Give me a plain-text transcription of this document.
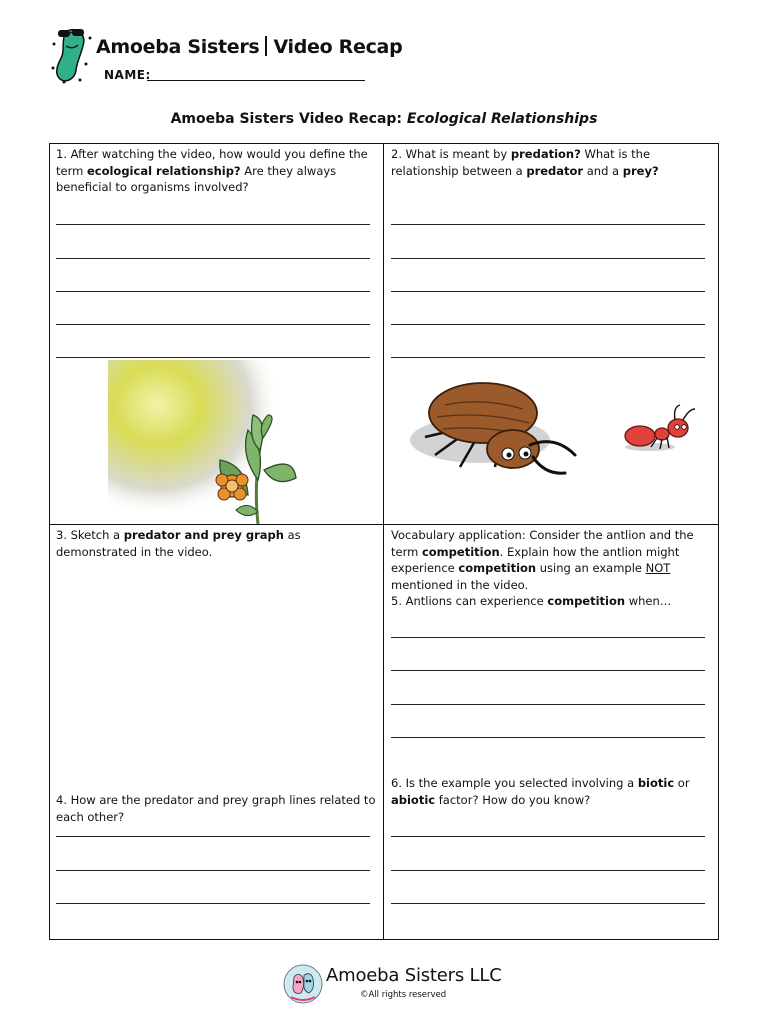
Amoeba Sisters Video Recap
NAME:
Amoeba Sisters Video Recap: Ecological Relationships
1. After watching the video, how would you define the term ecological relationship? Are they always beneficial to organisms involved?
2. What is meant by predation? What is the relationship between a predator and a prey?
3. Sketch a predator and prey graph as demonstrated in the video.
4. How are the predator and prey graph lines related to each other?
Vocabulary application: Consider the antlion and the term competition. Explain how the antlion might experience competition using an example NOT mentioned in the video.
5. Antlions can experience competition when…
6. Is the example you selected involving a biotic or abiotic factor? How do you know?
Amoeba Sisters LLC
©All rights reserved
